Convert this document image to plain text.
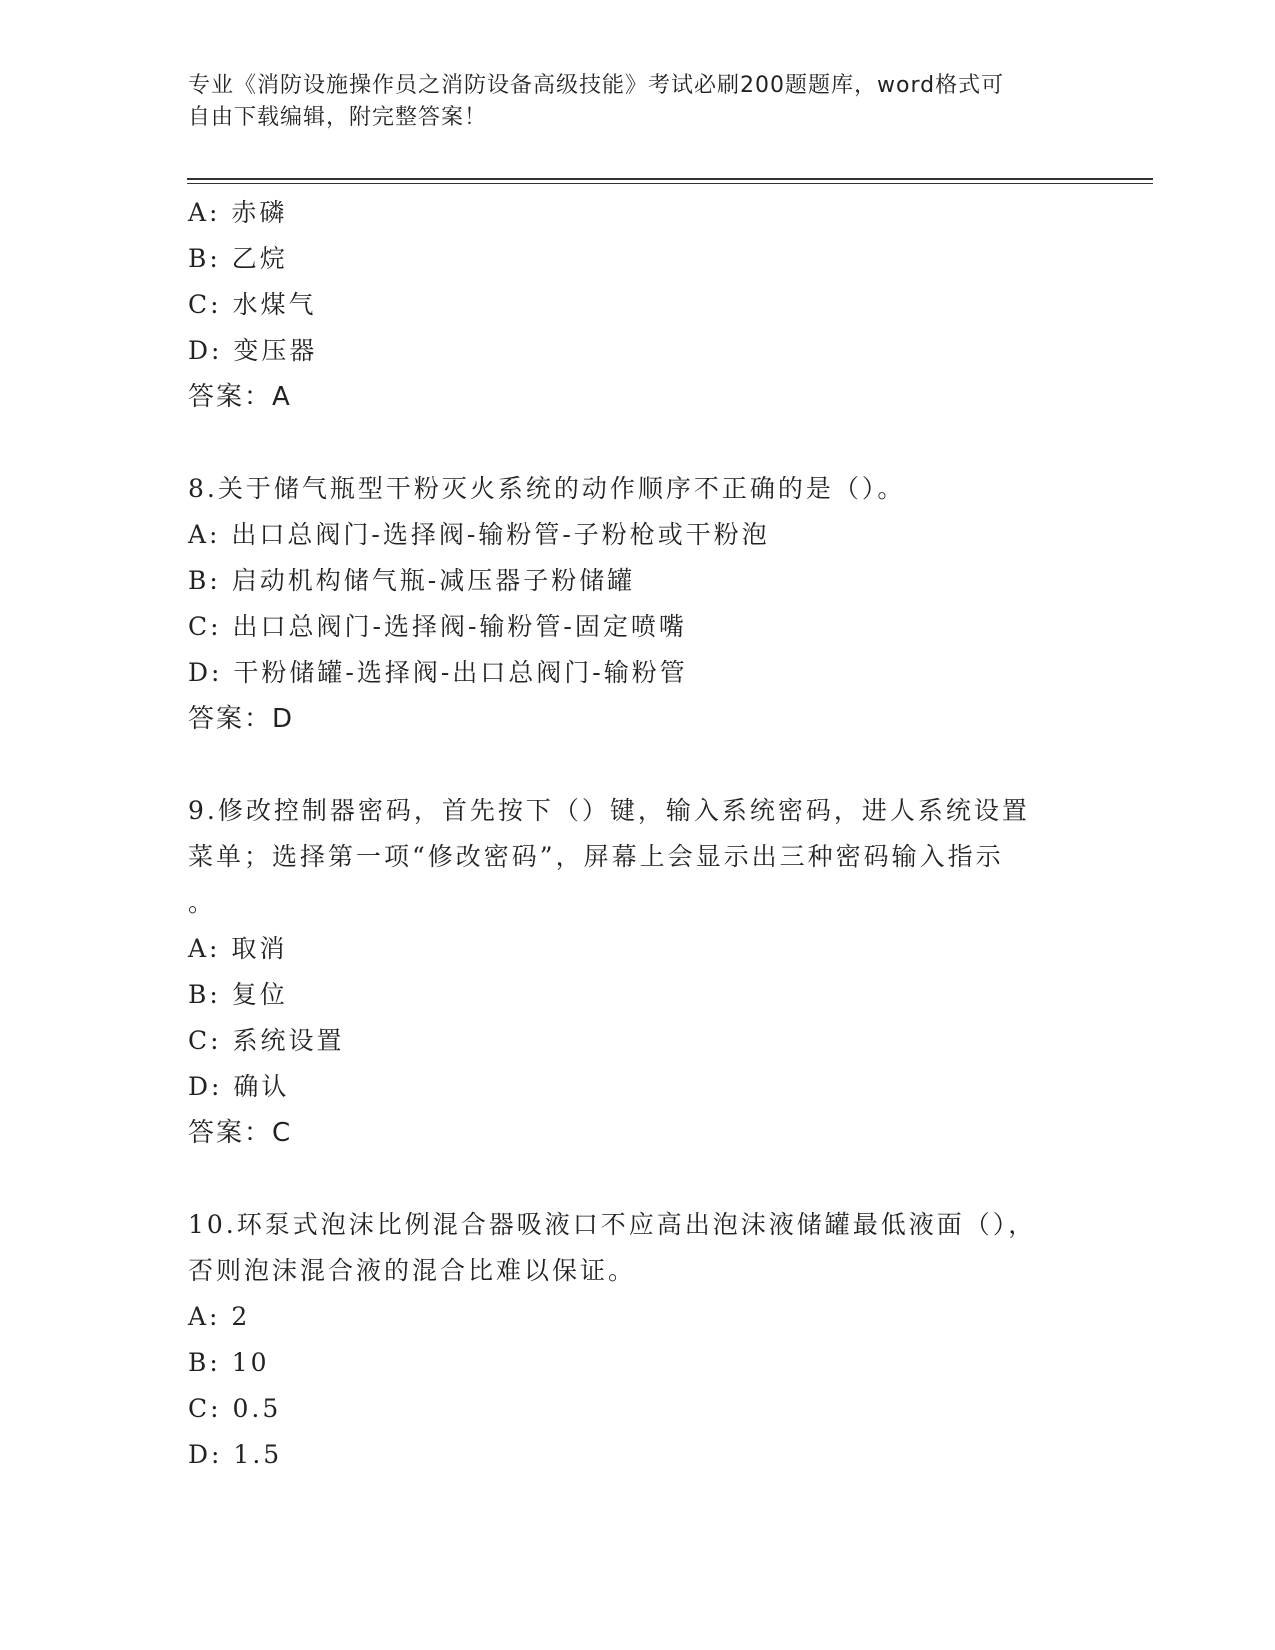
专业《消防设施操作员之消防设备高级技能》考试必刷200题题库，word格式可
自由下载编辑，附完整答案！
A: 赤磷
B: 乙烷
C: 水煤气
D: 变压器
答案：A
8.关于储气瓶型干粉灭火系统的动作顺序不正确的是（）。
A: 出口总阀门-选择阀-输粉管-子粉枪或干粉泡
B: 启动机构储气瓶-减压器子粉储罐
C: 出口总阀门-选择阀-输粉管-固定喷嘴
D: 干粉储罐-选择阀-出口总阀门-输粉管
答案：D
9.修改控制器密码，首先按下（）键，输入系统密码，进人系统设置
菜单；选择第一项“修改密码”，屏幕上会显示出三种密码输入指示
。
A: 取消
B: 复位
C: 系统设置
D: 确认
答案：C
10.环泵式泡沫比例混合器吸液口不应高出泡沫液储罐最低液面（），
否则泡沫混合液的混合比难以保证。
A: 2
B: 10
C: 0.5
D: 1.5
